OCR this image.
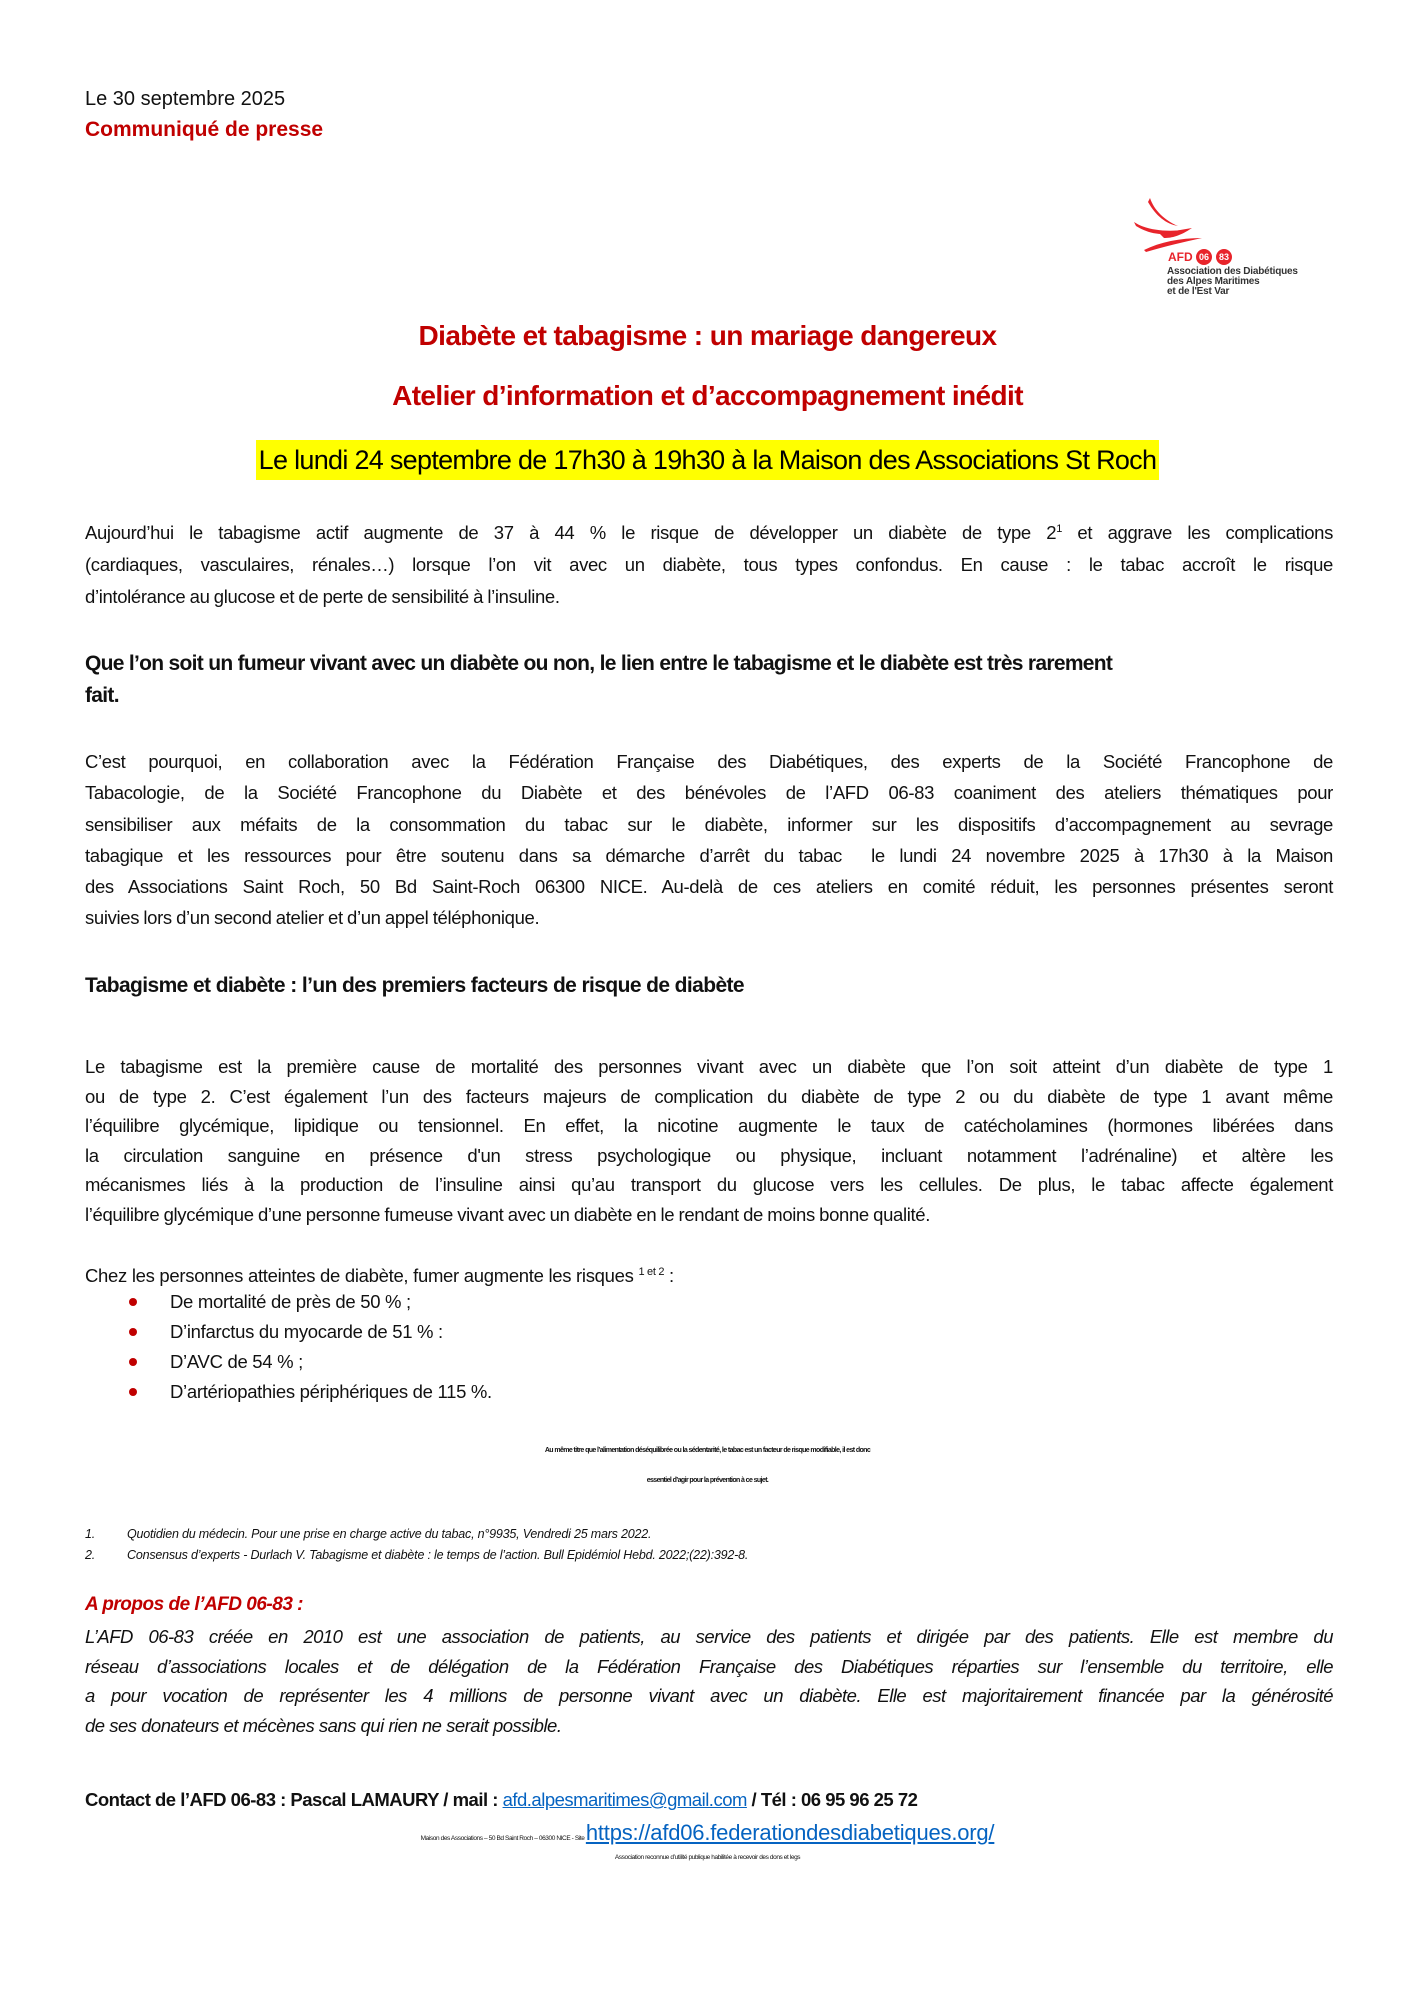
Le 30 septembre 2025
Communiqué de presse
AFD 06	83
Association des Diabétiques
des Alpes Maritimes
et de l'Est Var
Diabète et tabagisme : un mariage dangereux
Atelier d’information et d’accompagnement inédit
Le lundi 24 septembre de 17h30 à 19h30 à la Maison des Associations St Roch
Aujourd’hui le tabagisme actif augmente de 37 à 44 % le risque de développer un diabète de type $2^1$ et aggrave les complications
(cardiaques, vasculaires, rénales…) lorsque l’on vit avec un diabète, tous types confondus. En cause : le tabac accroît le risque
d’intolérance au glucose et de perte de sensibilité à l’insuline.
Que l’on soit un fumeur vivant avec un diabète ou non, le lien entre le tabagisme et le diabète est très rarement
fait.
C’est pourquoi, en collaboration avec la Fédération Française des Diabétiques, des experts de la Société Francophone de
Tabacologie, de la Société Francophone du Diabète et des bénévoles de l’AFD 06-83 coaniment des ateliers thématiques pour
sensibiliser aux méfaits de la consommation du tabac sur le diabète, informer sur les dispositifs d’accompagnement au sevrage
tabagique et les ressources pour être soutenu dans sa démarche d’arrêt du tabac  le lundi 24 novembre 2025 à 17h30 à la Maison
des Associations Saint Roch, 50 Bd Saint-Roch 06300 NICE. Au-delà de ces ateliers en comité réduit, les personnes présentes seront
suivies lors d’un second atelier et d’un appel téléphonique.
Tabagisme et diabète : l’un des premiers facteurs de risque de diabète
Le tabagisme est la première cause de mortalité des personnes vivant avec un diabète que l’on soit atteint d’un diabète de type 1
ou de type 2. C’est également l’un des facteurs majeurs de complication du diabète de type 2 ou du diabète de type 1 avant même
l’équilibre glycémique, lipidique ou tensionnel. En effet, la nicotine augmente le taux de catécholamines (hormones libérées dans
la circulation sanguine en présence d'un stress psychologique ou physique, incluant notamment l’adrénaline) et altère les
mécanismes liés à la production de l’insuline ainsi qu’au transport du glucose vers les cellules. De plus, le tabac affecte également
l’équilibre glycémique d’une personne fumeuse vivant avec un diabète en le rendant de moins bonne qualité.
Chez les personnes atteintes de diabète, fumer augmente les risques $^{1 et 2}$ :
De mortalité de près de 50 % ;
D’infarctus du myocarde de 51 % :
D’AVC de 54 % ;
D’artériopathies périphériques de 115 %.
Au même titre que l’alimentation déséquilibrée ou la sédentarité, le tabac est un facteur de risque modifiable, il est donc
essentiel d’agir pour la prévention à ce sujet.
1.	Quotidien du médecin. Pour une prise en charge active du tabac, n°9935, Vendredi 25 mars 2022.
2.	Consensus d’experts - Durlach V. Tabagisme et diabète : le temps de l’action. Bull Epidémiol Hebd. 2022;(22):392-8.
A propos de l’AFD 06-83 :
L’AFD 06-83 créée en 2010 est une association de patients, au service des patients et dirigée par des patients. Elle est membre du
réseau d’associations locales et de délégation de la Fédération Française des Diabétiques réparties sur l’ensemble du territoire, elle
a pour vocation de représenter les 4 millions de personne vivant avec un diabète. Elle est majoritairement financée par la générosité
de ses donateurs et mécènes sans qui rien ne serait possible.
Contact de l’AFD 06-83 : Pascal LAMAURY / mail : afd.alpesmaritimes@gmail.com / Tél : 06 95 96 25 72
Maison des Associations – 50 Bd Saint Roch – 06300 NICE - Site https://afd06.federationdesdiabetiques.org/
Association reconnue d’utilité publique habilitée à recevoir des dons et legs
